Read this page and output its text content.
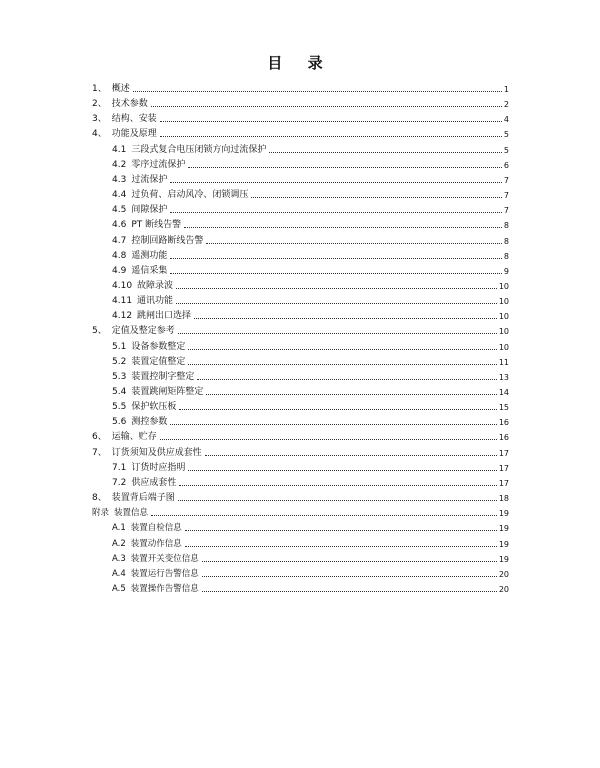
目 录
1、 概述	1
2、 技术参数	2
3、 结构、安装	4
4、 功能及原理	5
4.1 三段式复合电压闭锁方向过流保护	5
4.2 零序过流保护	6
4.3 过流保护	7
4.4 过负荷、启动风冷、闭锁调压	7
4.5 间隙保护	7
4.6 PT 断线告警	8
4.7 控制回路断线告警	8
4.8 遥测功能	8
4.9 遥信采集	9
4.10 故障录波	10
4.11 通讯功能	10
4.12 跳闸出口选择	10
5、 定值及整定参考	10
5.1 设备参数整定	10
5.2 装置定值整定	11
5.3 装置控制字整定	13
5.4 装置跳闸矩阵整定	14
5.5 保护软压板	15
5.6 测控参数	16
6、 运输、贮存	16
7、 订货须知及供应成套性	17
7.1 订货时应指明	17
7.2 供应成套性	17
8、 装置背后端子图	18
附录 装置信息	19
A.1 装置自检信息	19
A.2 装置动作信息	19
A.3 装置开关变位信息	19
A.4 装置运行告警信息	20
A.5 装置操作告警信息	20
